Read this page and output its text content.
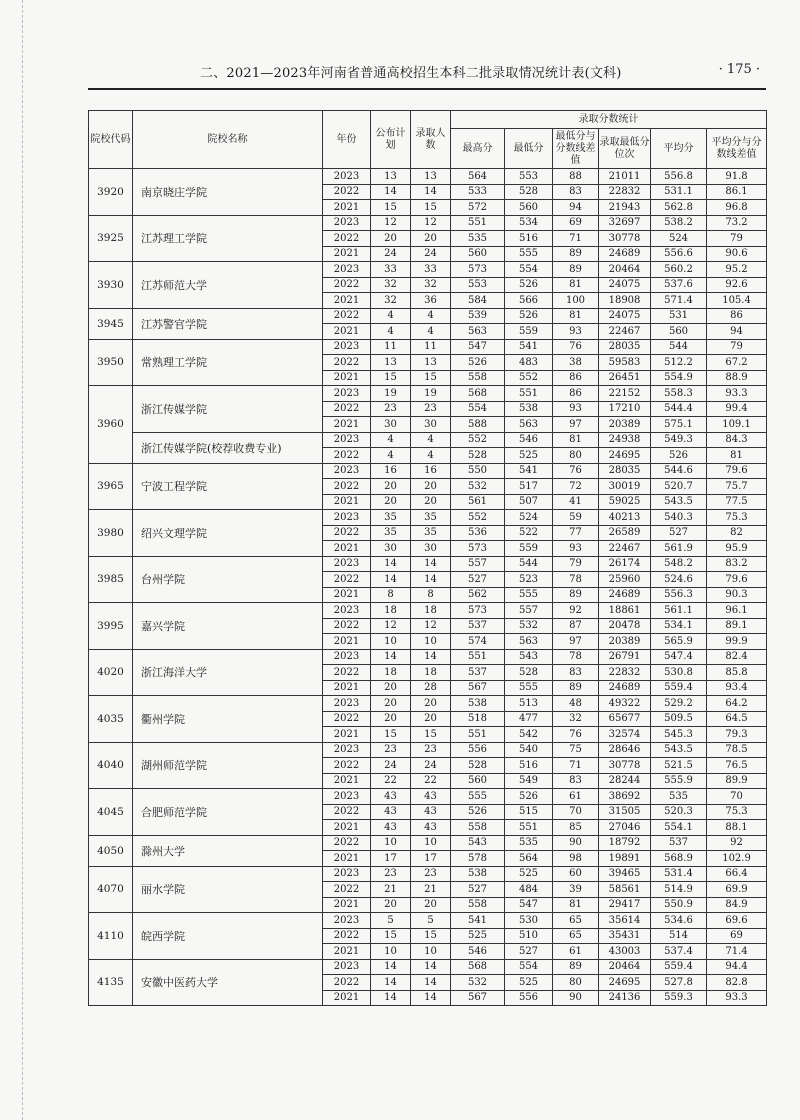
二、2021—2023年河南省普通高校招生本科二批录取情况统计表(文科)	· 175 ·
院校代码	院校名称	年份	公布计划	录取人数	录取分数统计					
					最高分	最低分	最低分与分数线差值	录取最低分位次	平均分	平均分与分数线差值
3920	南京晓庄学院	2023	13	13	564	553	88	21011	556.8	91.8
		2022	14	14	533	528	83	22832	531.1	86.1
		2021	15	15	572	560	94	21943	562.8	96.8
3925	江苏理工学院	2023	12	12	551	534	69	32697	538.2	73.2
		2022	20	20	535	516	71	30778	524	79
		2021	24	24	560	555	89	24689	556.6	90.6
3930	江苏师范大学	2023	33	33	573	554	89	20464	560.2	95.2
		2022	32	32	553	526	81	24075	537.6	92.6
		2021	32	36	584	566	100	18908	571.4	105.4
3945	江苏警官学院	2022	4	4	539	526	81	24075	531	86
		2021	4	4	563	559	93	22467	560	94
3950	常熟理工学院	2023	11	11	547	541	76	28035	544	79
		2022	13	13	526	483	38	59583	512.2	67.2
		2021	15	15	558	552	86	26451	554.9	88.9
3960	浙江传媒学院	2023	19	19	568	551	86	22152	558.3	93.3
		2022	23	23	554	538	93	17210	544.4	99.4
		2021	30	30	588	563	97	20389	575.1	109.1
	浙江传媒学院(校荐收费专业)	2023	4	4	552	546	81	24938	549.3	84.3
		2022	4	4	528	525	80	24695	526	81
3965	宁波工程学院	2023	16	16	550	541	76	28035	544.6	79.6
		2022	20	20	532	517	72	30019	520.7	75.7
		2021	20	20	561	507	41	59025	543.5	77.5
3980	绍兴文理学院	2023	35	35	552	524	59	40213	540.3	75.3
		2022	35	35	536	522	77	26589	527	82
		2021	30	30	573	559	93	22467	561.9	95.9
3985	台州学院	2023	14	14	557	544	79	26174	548.2	83.2
		2022	14	14	527	523	78	25960	524.6	79.6
		2021	8	8	562	555	89	24689	556.3	90.3
3995	嘉兴学院	2023	18	18	573	557	92	18861	561.1	96.1
		2022	12	12	537	532	87	20478	534.1	89.1
		2021	10	10	574	563	97	20389	565.9	99.9
4020	浙江海洋大学	2023	14	14	551	543	78	26791	547.4	82.4
		2022	18	18	537	528	83	22832	530.8	85.8
		2021	20	28	567	555	89	24689	559.4	93.4
4035	衢州学院	2023	20	20	538	513	48	49322	529.2	64.2
		2022	20	20	518	477	32	65677	509.5	64.5
		2021	15	15	551	542	76	32574	545.3	79.3
4040	湖州师范学院	2023	23	23	556	540	75	28646	543.5	78.5
		2022	24	24	528	516	71	30778	521.5	76.5
		2021	22	22	560	549	83	28244	555.9	89.9
4045	合肥师范学院	2023	43	43	555	526	61	38692	535	70
		2022	43	43	526	515	70	31505	520.3	75.3
		2021	43	43	558	551	85	27046	554.1	88.1
4050	滁州大学	2022	10	10	543	535	90	18792	537	92
		2021	17	17	578	564	98	19891	568.9	102.9
4070	丽水学院	2023	23	23	538	525	60	39465	531.4	66.4
		2022	21	21	527	484	39	58561	514.9	69.9
		2021	20	20	558	547	81	29417	550.9	84.9
4110	皖西学院	2023	5	5	541	530	65	35614	534.6	69.6
		2022	15	15	525	510	65	35431	514	69
		2021	10	10	546	527	61	43003	537.4	71.4
4135	安徽中医药大学	2023	14	14	568	554	89	20464	559.4	94.4
		2022	14	14	532	525	80	24695	527.8	82.8
		2021	14	14	567	556	90	24136	559.3	93.3
